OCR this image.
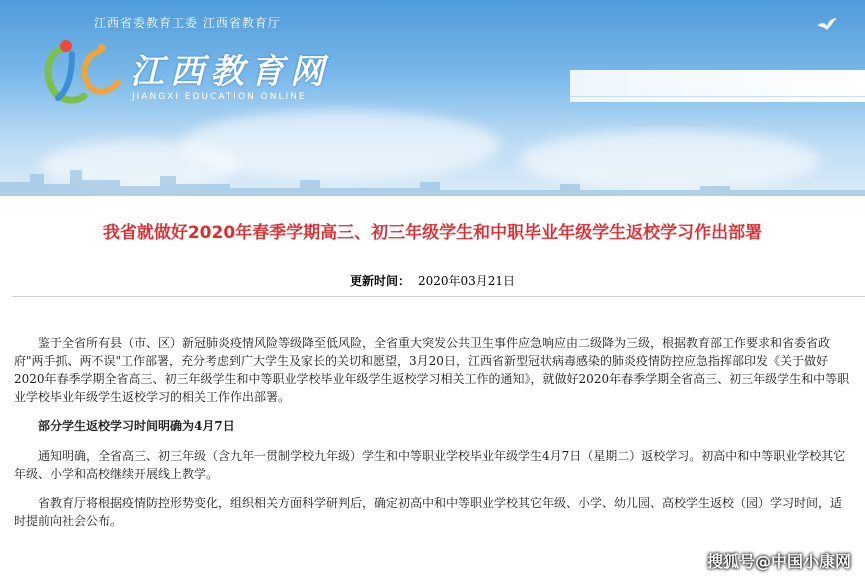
江西省委教育工委 江西省教育厅
江西教育网
JIANGXI EDUCATION ONLINE
我省就做好2020年春季学期高三、初三年级学生和中职毕业年级学生返校学习作出部署
更新时间： 2020年03月21日

鉴于全省所有县（市、区）新冠肺炎疫情风险等级降至低风险，全省重大突发公共卫生事件应急响应由二级降为三级，根据教育部工作要求和省委省政府"两手抓、两不误"工作部署，充分考虑到广大学生及家长的关切和愿望，3月20日，江西省新型冠状病毒感染的肺炎疫情防控应急指挥部印发《关于做好2020年春季学期全省高三、初三年级学生和中等职业学校毕业年级学生返校学习相关工作的通知》，就做好2020年春季学期全省高三、初三年级学生和中等职业学校毕业年级学生返校学习的相关工作作出部署。

部分学生返校学习时间明确为4月7日

通知明确，全省高三、初三年级（含九年一贯制学校九年级）学生和中等职业学校毕业年级学生4月7日（星期二）返校学习。初高中和中等职业学校其它年级、小学和高校继续开展线上教学。

省教育厅将根据疫情防控形势变化，组织相关方面科学研判后，确定初高中和中等职业学校其它年级、小学、幼儿园、高校学生返校（园）学习时间，适时提前向社会公布。

搜狐号@中国小康网
